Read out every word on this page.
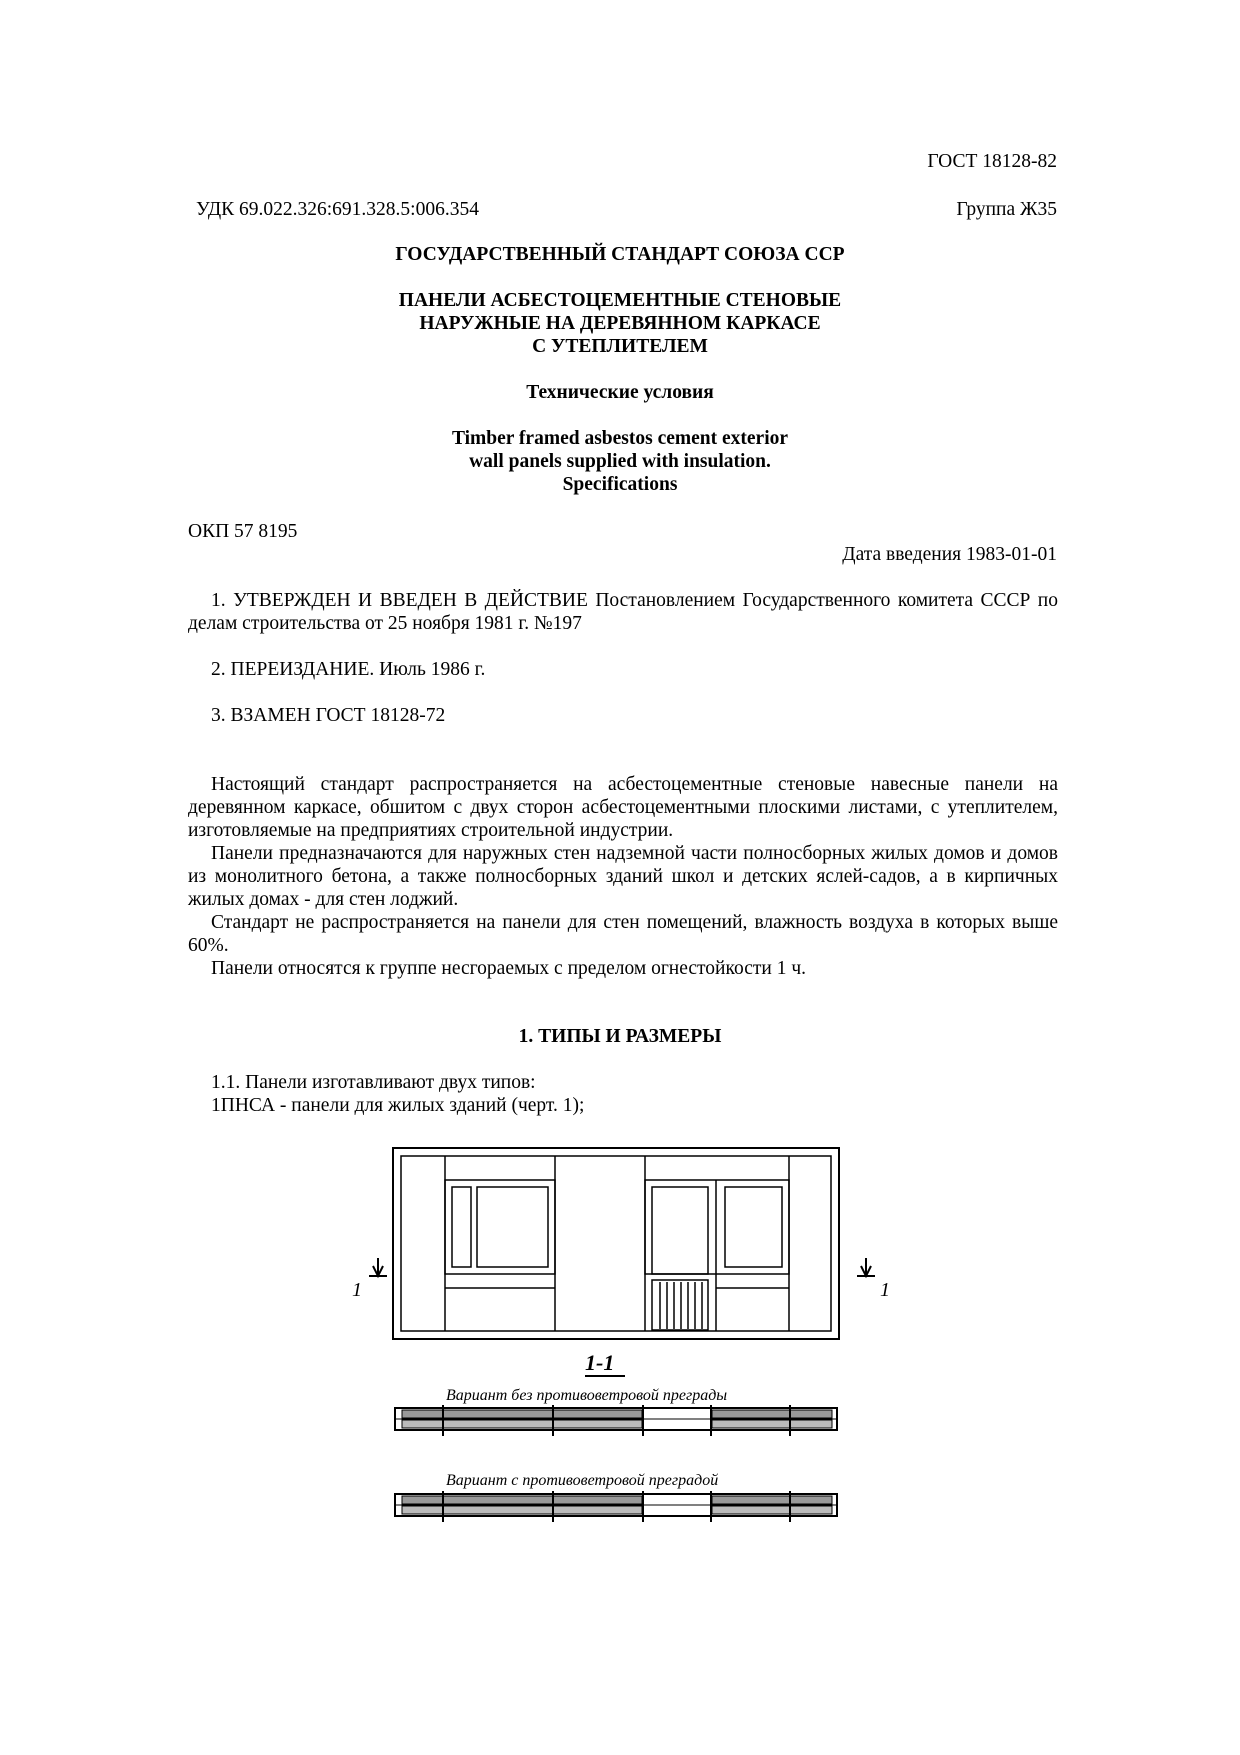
ГОСТ 18128-82
УДК 69.022.326:691.328.5:006.354	Группа Ж35
ГОСУДАРСТВЕННЫЙ СТАНДАРТ СОЮЗА ССР
ПАНЕЛИ АСБЕСТОЦЕМЕНТНЫЕ СТЕНОВЫЕ
НАРУЖНЫЕ НА ДЕРЕВЯННОМ КАРКАСЕ
С УТЕПЛИТЕЛЕМ
Технические условия
Timber framed asbestos cement exterior
wall panels supplied with insulation.
Specifications
ОКП 57 8195
Дата введения 1983-01-01
1. УТВЕРЖДЕН И ВВЕДЕН В ДЕЙСТВИЕ Постановлением Государственного комитета СССР по делам строительства от 25 ноября 1981 г. №197
2. ПЕРЕИЗДАНИЕ. Июль 1986 г.
3. ВЗАМЕН ГОСТ 18128-72

Настоящий стандарт распространяется на асбестоцементные стеновые навесные панели на деревянном каркасе, обшитом с двух сторон асбестоцементными плоскими листами, с утеплителем, изготовляемые на предприятиях строительной индустрии.

Панели предназначаются для наружных стен надземной части полносборных жилых домов и домов из монолитного бетона, а также полносборных зданий школ и детских яслей-садов, а в кирпичных жилых домах - для стен лоджий.

Стандарт не распространяется на панели для стен помещений, влажность воздуха в которых выше 60%.

Панели относятся к группе несгораемых с пределом огнестойкости 1 ч.

1. ТИПЫ И РАЗМЕРЫ
1.1. Панели изготавливают двух типов:
1ПНСА - панели для жилых зданий (черт. 1);
1	1
1-1
Вариант без противоветровой преграды
Вариант с противоветровой преградой
